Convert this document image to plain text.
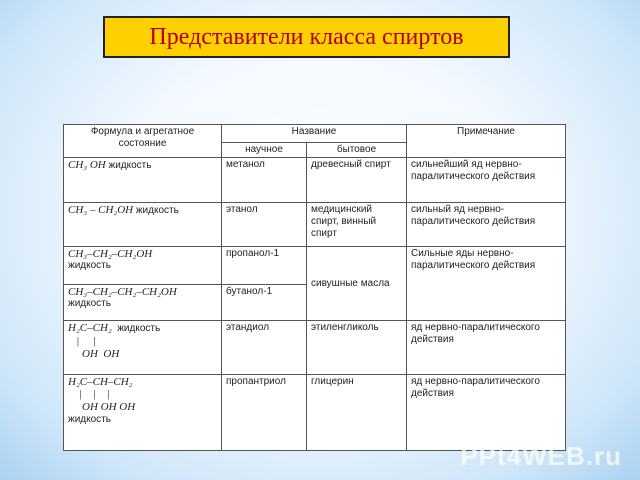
Представители класса спиртов
Формула и агрегатное состояние	Название		Примечание
	научное	бытовое	
CH₃ OH жидкость	метанол	древесный спирт	сильнейший яд нервно-паралитического действия
CH₃ – CH₂OH жидкость	этанол	медицинский спирт, винный спирт	сильный яд нервно-паралитического действия

CH₃–CH₂–CH₂OH
жидкость	пропанол-1	сивушные масла	Сильные яды нервно-паралитического действия

CH₃–CH₂–CH₂–CH₂OH
жидкость	бутанол-1		

H₂C–CH₂ жидкость
|     |
OH  OH	этандиол	этиленгликоль	яд нервно-паралитического действия

H₂C–CH–CH₂
|    |    |
OH OH OH
жидкость	пропантриол	глицерин	яд нервно-паралитического действия
PPt4WEB.ru
